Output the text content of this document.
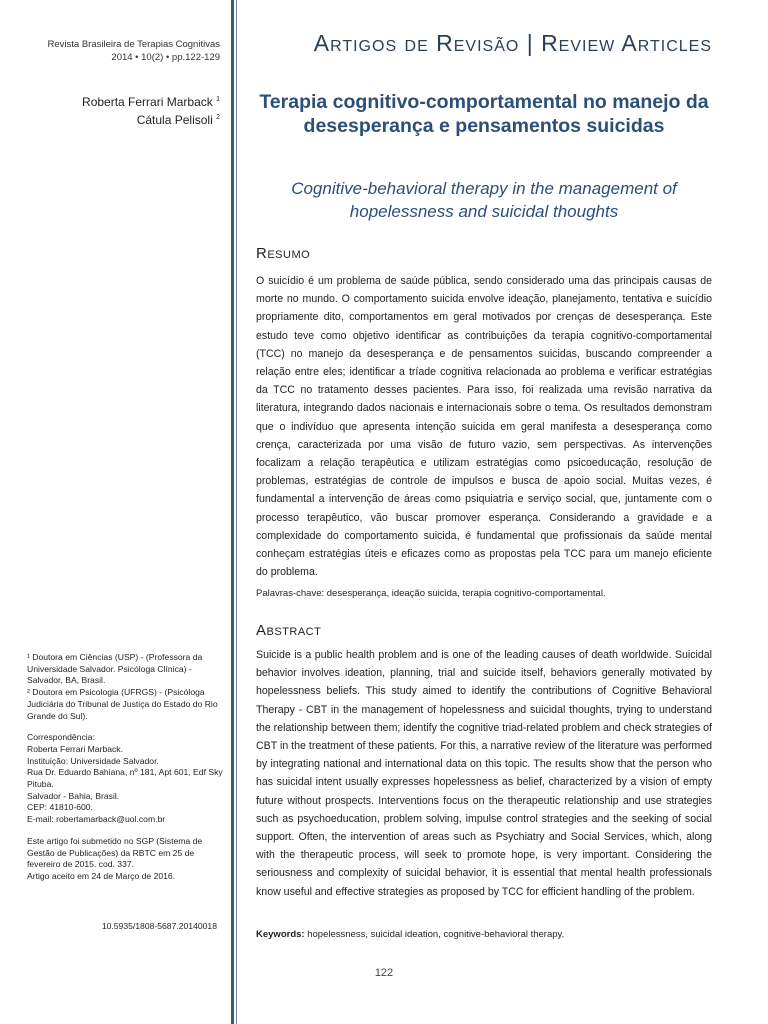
Revista Brasileira de Terapias Cognitivas
2014 • 10(2) • pp.122-129
Roberta Ferrari Marback $^1$
Cátula Pelisoli $^2$

¹ Doutora em Ciências (USP) - (Professora da Universidade Salvador. Psicóloga Clínica) - Salvador, BA, Brasil.

² Doutora em Psicologia (UFRGS) - (Psicóloga Judiciária do Tribunal de Justiça do Estado do Rio Grande do Sul).

Correspondência:

Roberta Ferrari Marback.

Instituição: Universidade Salvador.

Rua Dr. Eduardo Bahiana, nº 181, Apt 601, Edf Sky Pituba.

Salvador - Bahia, Brasil.

CEP: 41810-600.

E-mail: robertamarback@uol.com.br

Este artigo foi submetido no SGP (Sistema de Gestão de Publicações) da RBTC em 25 de fevereiro de 2015. cod. 337.

Artigo aceito em 24 de Março de 2016.

10.5935/1808-5687.20140018
Artigos de Revisão | Review Articles
Terapia cognitivo-comportamental no manejo da desesperança e pensamentos suicidas
Cognitive-behavioral therapy in the management of hopelessness and suicidal thoughts
Resumo
O suicídio é um problema de saúde pública, sendo considerado uma das principais causas de morte no mundo. O comportamento suicida envolve ideação, planejamento, tentativa e suicídio propriamente dito, comportamentos em geral motivados por crenças de desesperança. Este estudo teve como objetivo identificar as contribuições da terapia cognitivo-comportamental (TCC) no manejo da desesperança e de pensamentos suicidas, buscando compreender a relação entre eles; identificar a tríade cognitiva relacionada ao problema e verificar estratégias da TCC no tratamento desses pacientes. Para isso, foi realizada uma revisão narrativa da literatura, integrando dados nacionais e internacionais sobre o tema. Os resultados demonstram que o indivíduo que apresenta intenção suicida em geral manifesta a desesperança como crença, caracterizada por uma visão de futuro vazio, sem perspectivas. As intervenções focalizam a relação terapêutica e utilizam estratégias como psicoeducação, resolução de problemas, estratégias de controle de impulsos e busca de apoio social. Muitas vezes, é fundamental a intervenção de áreas como psiquiatria e serviço social, que, juntamente com o processo terapêutico, vão buscar promover esperança. Considerando a gravidade e a complexidade do comportamento suicida, é fundamental que profissionais da saúde mental conheçam estratégias úteis e eficazes como as propostas pela TCC para um manejo eficiente do problema.
Palavras-chave: desesperança, ideação suicida, terapia cognitivo-comportamental.
Abstract
Suicide is a public health problem and is one of the leading causes of death worldwide. Suicidal behavior involves ideation, planning, trial and suicide itself, behaviors generally motivated by hopelessness beliefs. This study aimed to identify the contributions of Cognitive Behavioral Therapy - CBT in the management of hopelessness and suicidal thoughts, trying to understand the relationship between them; identify the cognitive triad-related problem and check strategies of CBT in the treatment of these patients. For this, a narrative review of the literature was performed by integrating national and international data on this topic. The results show that the person who has suicidal intent usually expresses hopelessness as belief, characterized by a vision of empty future without prospects. Interventions focus on the therapeutic relationship and use strategies such as psychoeducation, problem solving, impulse control strategies and the seeking of social support. Often, the intervention of areas such as Psychiatry and Social Services, which, along with the therapeutic process, will seek to promote hope, is very important. Considering the seriousness and complexity of suicidal behavior, it is essential that mental health professionals know useful and effective strategies as proposed by TCC for efficient handling of the problem.
Keywords: hopelessness, suicidal ideation, cognitive-behavioral therapy.
122
